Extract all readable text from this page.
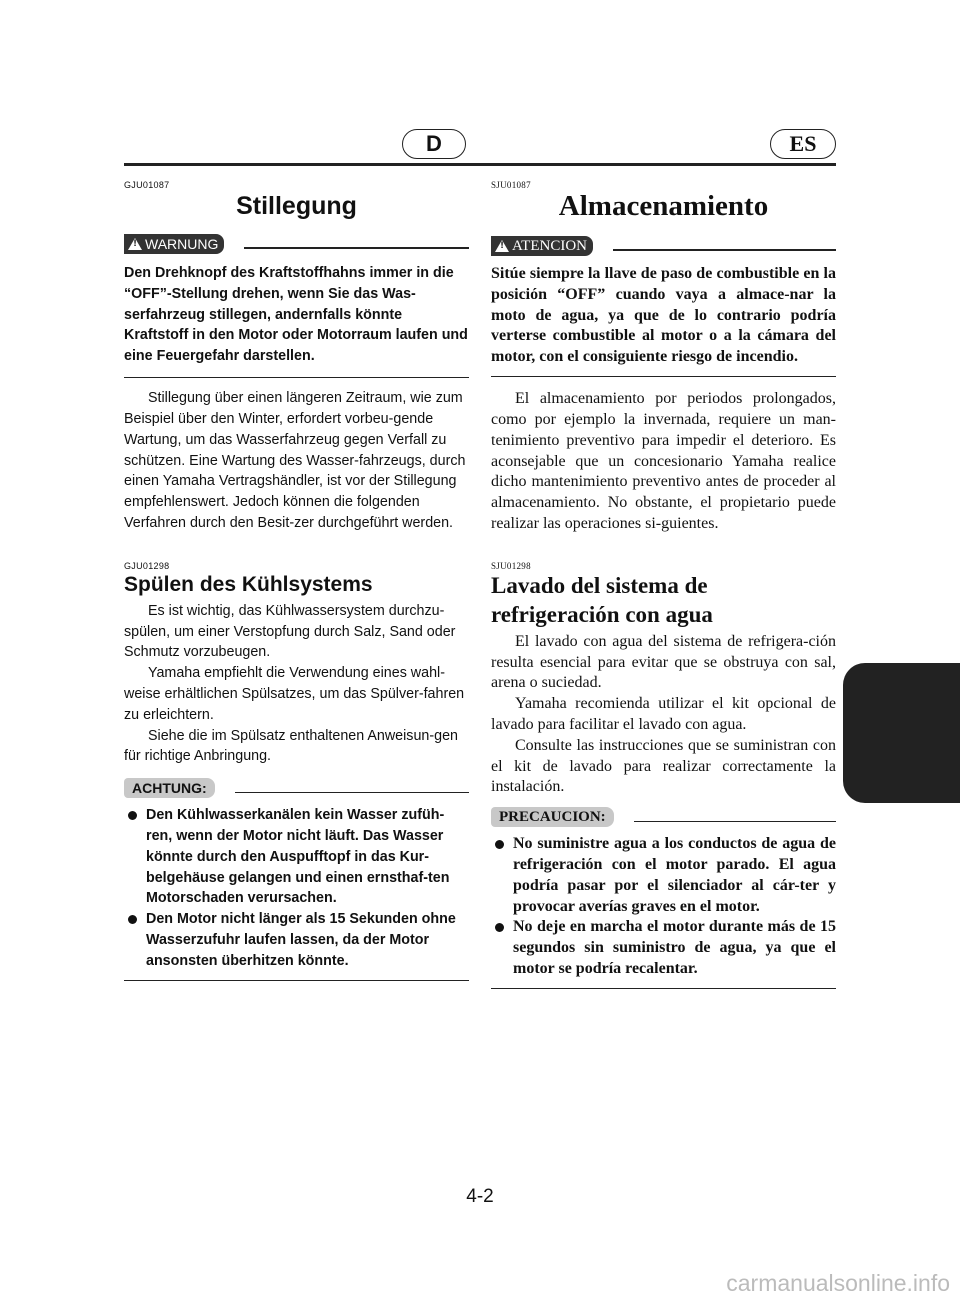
D	ES

GJU01087

Stillegung
!
WARNUNG

Den Drehknopf des Kraftstoffhahns immer in die “OFF”-Stellung drehen, wenn Sie das Was-serfahrzeug stillegen, andernfalls könnte Kraftstoff in den Motor oder Motorraum laufen und eine Feuergefahr darstellen.

Stillegung über einen längeren Zeitraum, wie zum Beispiel über den Winter, erfordert vorbeu-gende Wartung, um das Wasserfahrzeug gegen Verfall zu schützen. Eine Wartung des Wasser-fahrzeugs, durch einen Yamaha Vertragshändler, ist vor der Stillegung empfehlenswert. Jedoch können die folgenden Verfahren durch den Besit-zer durchgeführt werden.

GJU01298

Spülen des Kühlsystems

Es ist wichtig, das Kühlwassersystem durchzu-spülen, um einer Verstopfung durch Salz, Sand oder Schmutz vorzubeugen.

Yamaha empfiehlt die Verwendung eines wahl-weise erhältlichen Spülsatzes, um das Spülver-fahren zu erleichtern.

Siehe die im Spülsatz enthaltenen Anweisun-gen für richtige Anbringung.

ACHTUNG:
Den Kühlwasserkanälen kein Wasser zufüh-ren, wenn der Motor nicht läuft. Das Wasser könnte durch den Auspufftopf in das Kur-belgehäuse gelangen und einen ernsthaf-ten Motorschaden verursachen.
Den Motor nicht länger als 15 Sekunden ohne Wasserzufuhr laufen lassen, da der Motor ansonsten überhitzen könnte.

SJU01087

Almacenamiento
!
ATENCION

Sitúe siempre la llave de paso de combustible en la posición “OFF” cuando vaya a almace-nar la moto de agua, ya que de lo contrario podría verterse combustible al motor o a la cámara del motor, con el consiguiente riesgo de incendio.

El almacenamiento por periodos prolongados, como por ejemplo la invernada, requiere un man-tenimiento preventivo para impedir el deterioro. Es aconsejable que un concesionario Yamaha realice dicho mantenimiento preventivo antes de proceder al almacenamiento. No obstante, el propietario puede realizar las operaciones si-guientes.

SJU01298

Lavado del sistema de
refrigeración con agua

El lavado con agua del sistema de refrigera-ción resulta esencial para evitar que se obstruya con sal, arena o suciedad.

Yamaha recomienda utilizar el kit opcional de lavado para facilitar el lavado con agua.

Consulte las instrucciones que se suministran con el kit de lavado para realizar correctamente la instalación.

PRECAUCION:
No suministre agua a los conductos de agua de refrigeración con el motor parado. El agua podría pasar por el silenciador al cár-ter y provocar averías graves en el motor.
No deje en marcha el motor durante más de 15 segundos sin suministro de agua, ya que el motor se podría recalentar.
4-2
carmanualsonline.info
